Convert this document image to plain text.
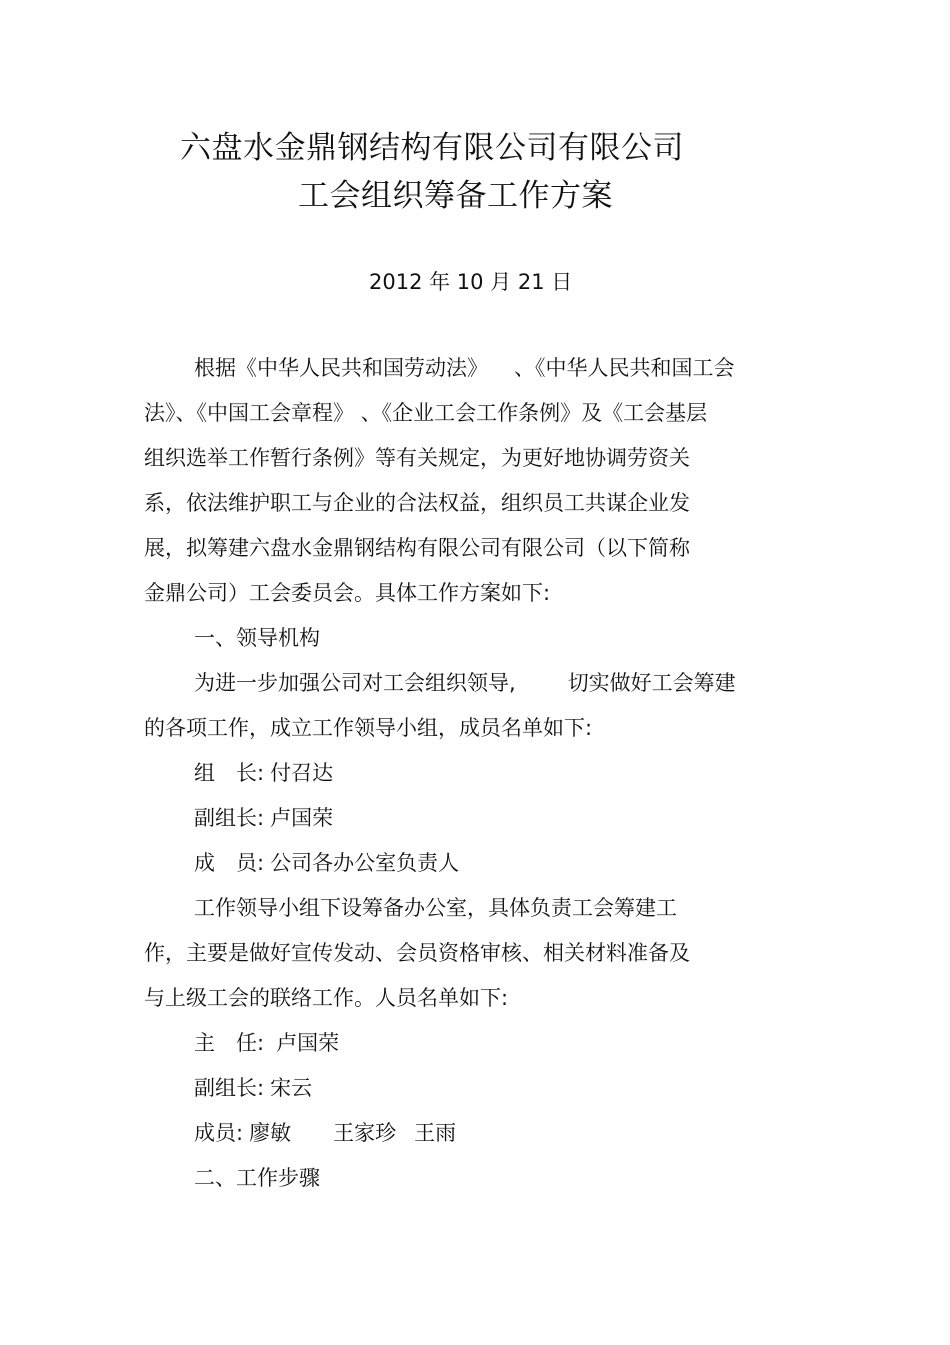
六盘水金鼎钢结构有限公司有限公司
工会组织筹备工作方案

2012 年 10 月 21 日

根据《中华人民共和国劳动法》 、《中华人民共和国工会

法》、《中国工会章程》 、《企业工会工作条例》及《工会基层

组织选举工作暂行条例》等有关规定，为更好地协调劳资关

系，依法维护职工与企业的合法权益，组织员工共谋企业发

展，拟筹建六盘水金鼎钢结构有限公司有限公司（以下简称

金鼎公司）工会委员会。具体工作方案如下:

一、领导机构

为进一步加强公司对工会组织领导, 切实做好工会筹建

的各项工作，成立工作领导小组，成员名单如下:

组　长: 付召达

副组长: 卢国荣

成　员: 公司各办公室负责人

工作领导小组下设筹备办公室，具体负责工会筹建工

作，主要是做好宣传发动、会员资格审核、相关材料准备及

与上级工会的联络工作。人员名单如下:

主　任: 卢国荣

副组长: 宋云

成员: 廖敏 王家珍 王雨

二、工作步骤
